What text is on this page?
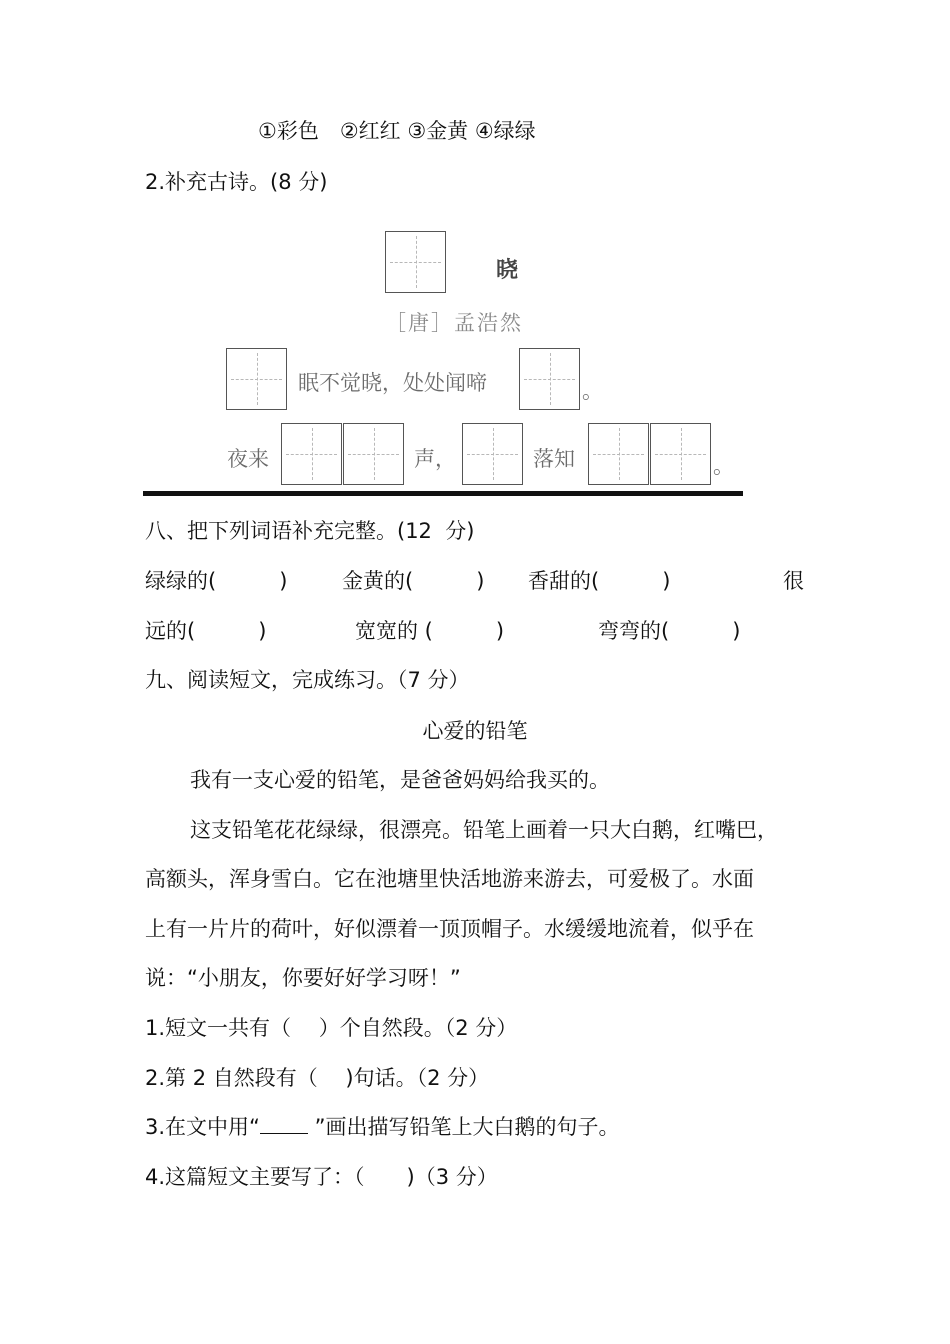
①彩色　②红红 ③金黄 ④绿绿
2.补充古诗。(8 分)
晓
［唐］孟浩然
眠不觉晓，处处闻啼	。
夜来	声，	落知	。
八、把下列词语补充完整。(12  分)
绿绿的(　　　)	金黄的(　　　) 香甜的(　　　)	很
远的(　　　)	宽宽的 (　　　)	弯弯的(　　　)
九、阅读短文，完成练习。（7 分）
心爱的铅笔
我有一支心爱的铅笔，是爸爸妈妈给我买的。
这支铅笔花花绿绿，很漂亮。铅笔上画着一只大白鹅，红嘴巴，
高额头，浑身雪白。它在池塘里快活地游来游去，可爱极了。水面
上有一片片的荷叶，好似漂着一顶顶帽子。水缓缓地流着，似乎在
说：“小朋友，你要好好学习呀！”
1.短文一共有（　 ）个自然段。（2 分）
2.第 2 自然段有（　 )句话。（2 分）
3.在文中用“ ”画出描写铅笔上大白鹅的句子。
4.这篇短文主要写了：（　　)（3 分）
